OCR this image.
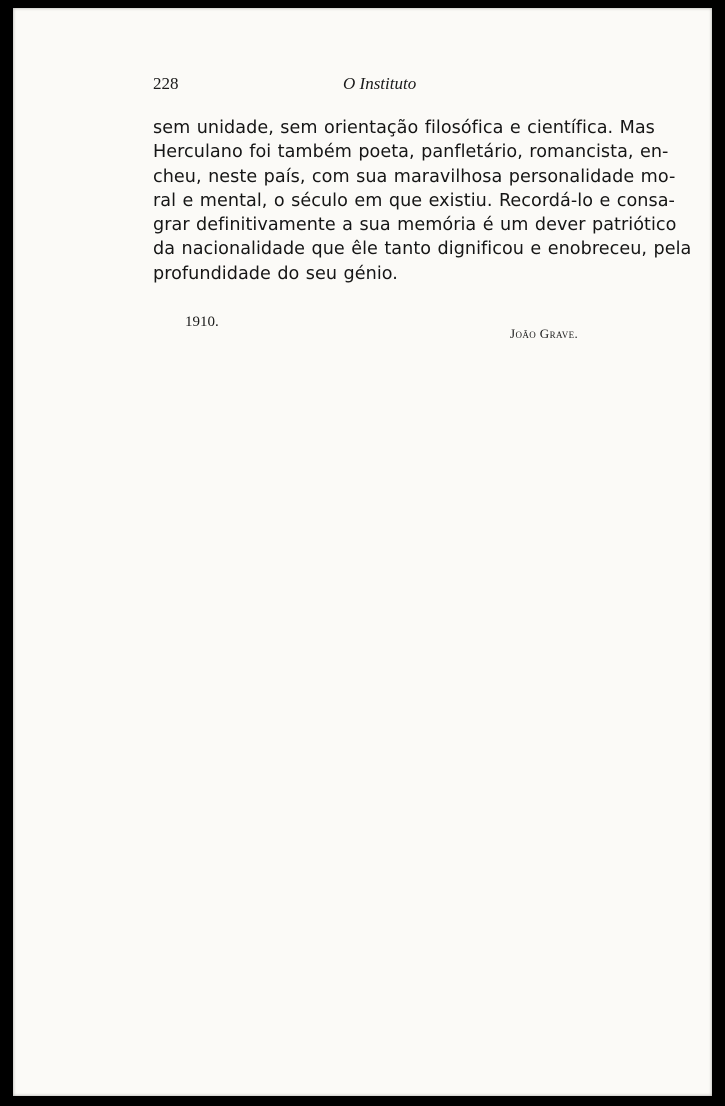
228	O Instituto
sem unidade, sem orientação filosófica e científica. Mas
Herculano foi também poeta, panfletário, romancista, en-
cheu, neste país, com sua maravilhosa personalidade mo-
ral e mental, o século em que existiu. Recordá-lo e consa-
grar definitivamente a sua memória é um dever patriótico
da nacionalidade que êle tanto dignificou e enobreceu, pela
profundidade do seu génio.
1910.
João Grave.
